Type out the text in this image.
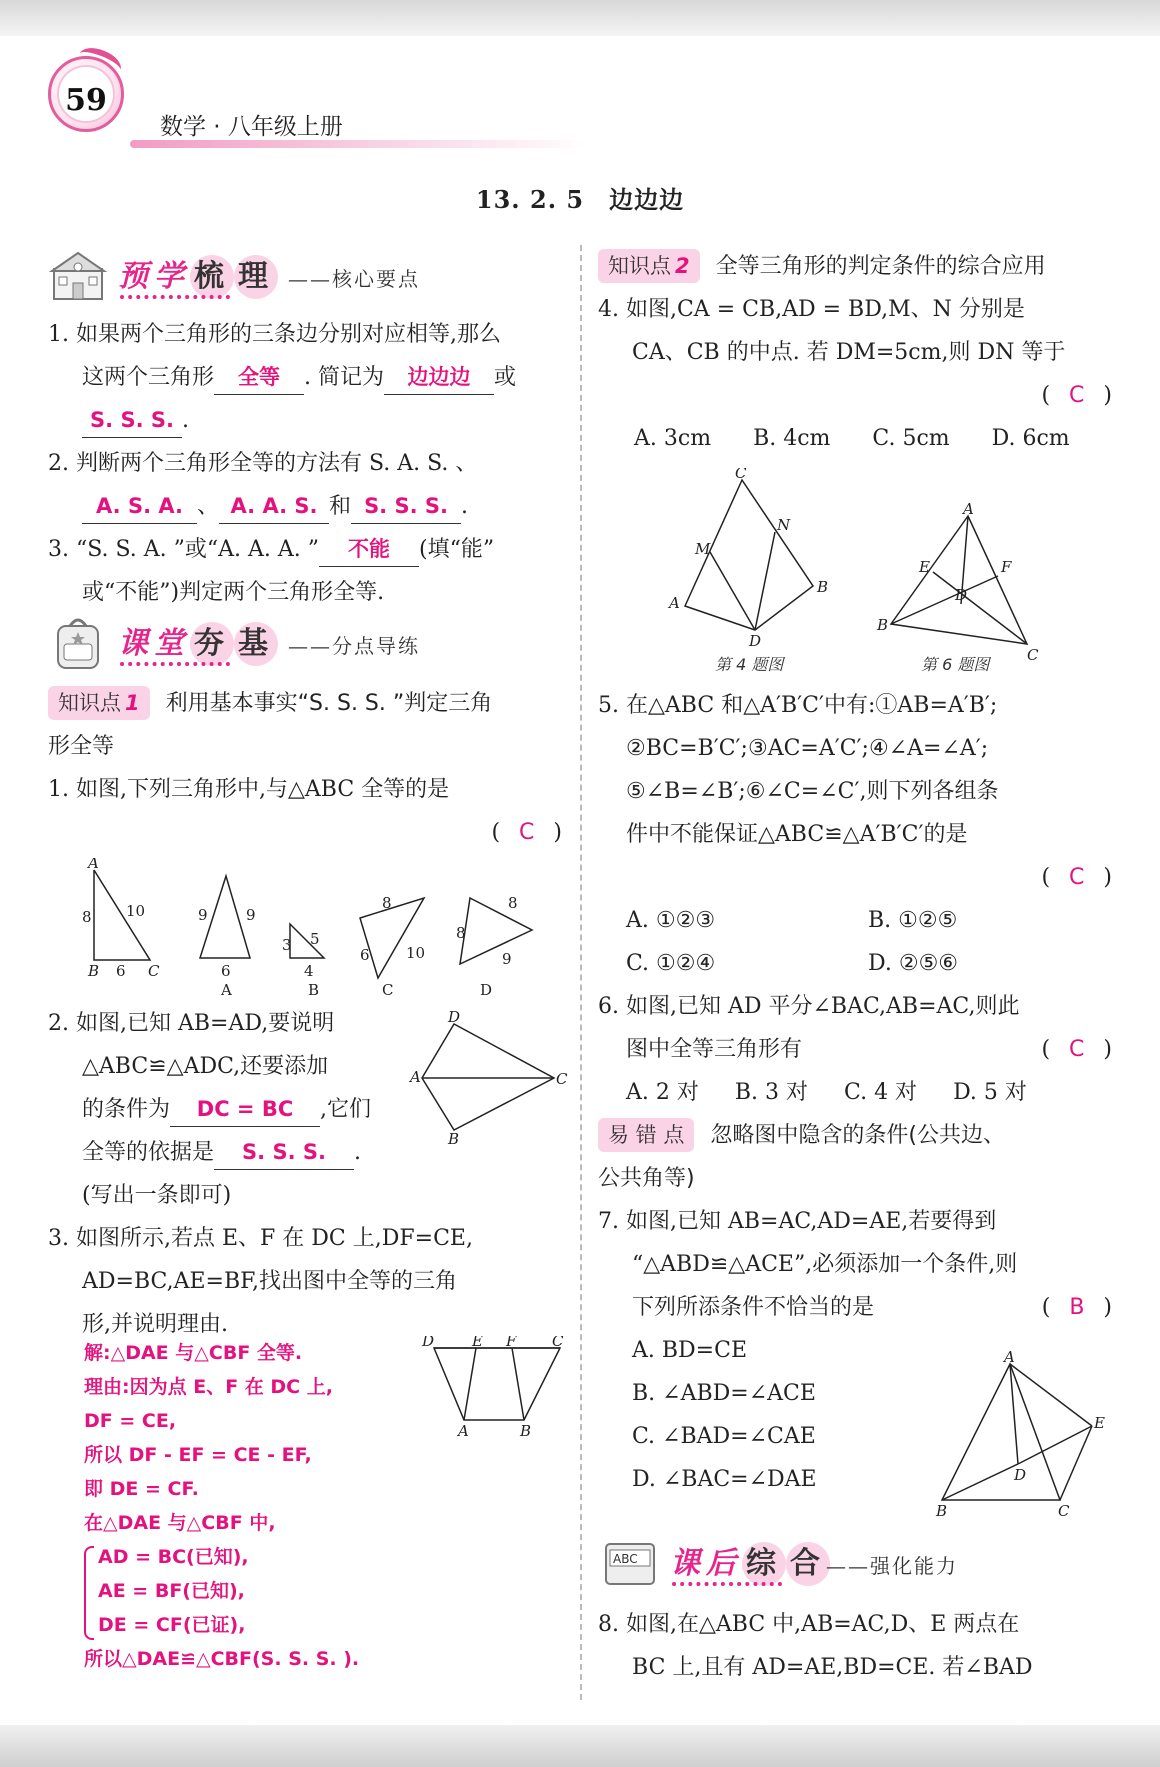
59
数学 · 八年级上册
13. 2. 5　边边边
预学 梳 理 ——核心要点

1. 如果两个三角形的三条边分别对应相等,那么

这两个三角形 全等 . 简记为 边边边 或

S. S. S. .

2. 判断两个三角形全等的方法有 S. A. S. 、

A. S. A. 、 A. A. S. 和 S. S. S. .

3. “S. S. A. ”或“A. A. A. ” 不能 (填“能”

或“不能”)判定两个三角形全等.

课堂 夯 基 ——分点导练

知识点 1 利用基本事实“S. S. S. ”判定三角

形全等

1. 如图,下列三角形中,与△ABC 全等的是

( C )

A
B	C
8 10
6
9	9
6
3 5
4
8
10
6
8
8
9
A	B	C	D

2. 如图,已知 AB=AD,要说明

△ABC≌△ADC,还要添加

的条件为 DC = BC ,它们

全等的依据是 S. S. S. .

(写出一条即可)

D
A
B
C

3. 如图所示,若点 E、F 在 DC 上,DF=CE,

AD=BC,AE=BF,找出图中全等的三角

形,并说明理由.

解:△DAE 与△CBF 全等.
理由:因为点 E、F 在 DC 上,
DF = CE,
所以 DF - EF = CE - EF,
即 DE = CF.
在△DAE 与△CBF 中,
AD = BC(已知),
AE = BF(已知),
DE = CF(已证),
所以△DAE≌△CBF(S. S. S. ).
D	E F C
A	B

知识点 2 全等三角形的判定条件的综合应用

4. 如图,CA = CB,AD = BD,M、N 分别是

CA、CB 的中点. 若 DM=5cm,则 DN 等于

( C )

A. 3cm B. 4cm C. 5cm D. 6cm

C
M
N
A
B
D
A
E	F
D
B
C
第 4 题图	第 6 题图

5. 在△ABC 和△A′B′C′中有:①AB=A′B′;

②BC=B′C′;③AC=A′C′;④∠A=∠A′;

⑤∠B=∠B′;⑥∠C=∠C′,则下列各组条

件中不能保证△ABC≌△A′B′C′的是

( C )

A. ①②③	B. ①②⑤

C. ①②④	D. ②⑤⑥

6. 如图,已知 AD 平分∠BAC,AB=AC,则此

图中全等三角形有	( C )

A. 2 对 B. 3 对 C. 4 对 D. 5 对

易 错 点 忽略图中隐含的条件(公共边、

公共角等)

7. 如图,已知 AB=AC,AD=AE,若要得到

“△ABD≌△ACE”,必须添加一个条件,则

下列所添条件不恰当的是	( B )

A. BD=CE

B. ∠ABD=∠ACE

C. ∠BAD=∠CAE

D. ∠BAC=∠DAE

A
E
D
B	C
ABC 课后 综 合 ——强化能力

8. 如图,在△ABC 中,AB=AC,D、E 两点在

BC 上,且有 AD=AE,BD=CE. 若∠BAD
